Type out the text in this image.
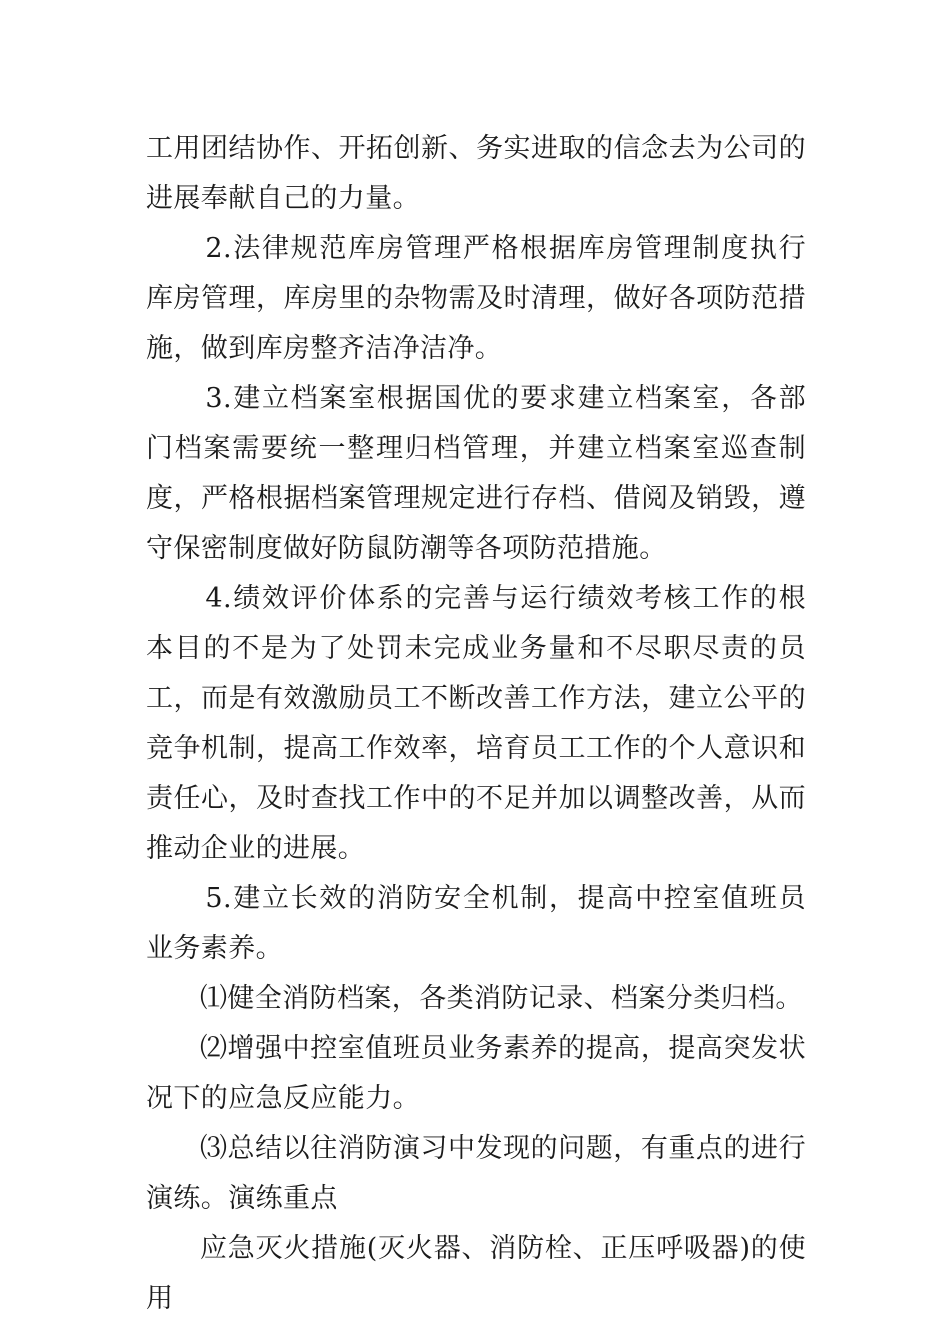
工用团结协作、开拓创新、务实进取的信念去为公司的进展奉献自己的力量。

2.法律规范库房管理严格根据库房管理制度执行库房管理，库房里的杂物需及时清理，做好各项防范措施，做到库房整齐洁净洁净。

3.建立档案室根据国优的要求建立档案室，各部门档案需要统一整理归档管理，并建立档案室巡查制度，严格根据档案管理规定进行存档、借阅及销毁，遵守保密制度做好防鼠防潮等各项防范措施。

4.绩效评价体系的完善与运行绩效考核工作的根本目的不是为了处罚未完成业务量和不尽职尽责的员工，而是有效激励员工不断改善工作方法，建立公平的竞争机制，提高工作效率，培育员工工作的个人意识和责任心，及时查找工作中的不足并加以调整改善，从而推动企业的进展。

5.建立长效的消防安全机制，提高中控室值班员业务素养。

⑴健全消防档案，各类消防记录、档案分类归档。

⑵增强中控室值班员业务素养的提高，提高突发状况下的应急反应能力。

⑶总结以往消防演习中发现的问题，有重点的进行演练。演练重点

应急灭火措施(灭火器、消防栓、正压呼吸器)的使用
